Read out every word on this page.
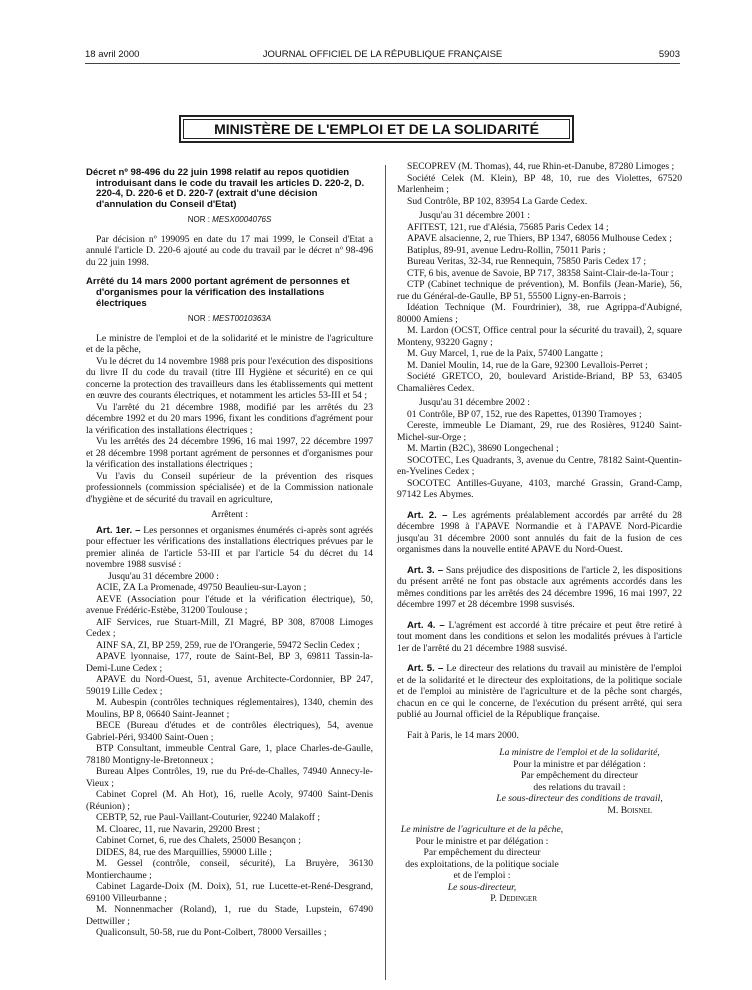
18 avril 2000	JOURNAL OFFICIEL DE LA RÉPUBLIQUE FRANÇAISE	5903
MINISTÈRE DE L'EMPLOI ET DE LA SOLIDARITÉ

Décret nº 98-496 du 22 juin 1998 relatif au repos quotidien introduisant dans le code du travail les articles D. 220-2, D. 220-4, D. 220-6 et D. 220-7 (extrait d'une décision d'annulation du Conseil d'Etat)

NOR : MESX0004076S

Par décision nº 199095 en date du 17 mai 1999, le Conseil d'Etat a annulé l'article D. 220-6 ajouté au code du travail par le décret nº 98-496 du 22 juin 1998.

Arrêté du 14 mars 2000 portant agrément de personnes et d'organismes pour la vérification des installations électriques

NOR : MEST0010363A

Le ministre de l'emploi et de la solidarité et le ministre de l'agriculture et de la pêche,

Vu le décret du 14 novembre 1988 pris pour l'exécution des dispositions du livre II du code du travail (titre III Hygiène et sécurité) en ce qui concerne la protection des travailleurs dans les établissements qui mettent en œuvre des courants électriques, et notamment les articles 53-III et 54 ;

Vu l'arrêté du 21 décembre 1988, modifié par les arrêtés du 23 décembre 1992 et du 20 mars 1996, fixant les conditions d'agrément pour la vérification des installations électriques ;

Vu les arrêtés des 24 décembre 1996, 16 mai 1997, 22 décembre 1997 et 28 décembre 1998 portant agrément de personnes et d'organismes pour la vérification des installations électriques ;

Vu l'avis du Conseil supérieur de la prévention des risques professionnels (commission spécialisée) et de la Commission nationale d'hygiène et de sécurité du travail en agriculture,

Arrêtent :

Art. 1er. – Les personnes et organismes énumérés ci-après sont agréés pour effectuer les vérifications des installations électriques prévues par le premier alinéa de l'article 53-III et par l'article 54 du décret du 14 novembre 1988 susvisé :

Jusqu'au 31 décembre 2000 :

ACIE, ZA La Promenade, 49750 Beaulieu-sur-Layon ;

AEVE (Association pour l'étude et la vérification électrique), 50, avenue Frédéric-Estèbe, 31200 Toulouse ;

AIF Services, rue Stuart-Mill, ZI Magré, BP 308, 87008 Limoges Cedex ;

AINF SA, ZI, BP 259, 259, rue de l'Orangerie, 59472 Seclin Cedex ;

APAVE lyonnaise, 177, route de Saint-Bel, BP 3, 69811 Tassin-la-Demi-Lune Cedex ;

APAVE du Nord-Ouest, 51, avenue Architecte-Cordonnier, BP 247, 59019 Lille Cedex ;

M. Aubespin (contrôles techniques réglementaires), 1340, chemin des Moulins, BP 8, 06640 Saint-Jeannet ;

BECE (Bureau d'études et de contrôles électriques), 54, avenue Gabriel-Péri, 93400 Saint-Ouen ;

BTP Consultant, immeuble Central Gare, 1, place Charles-de-Gaulle, 78180 Montigny-le-Bretonneux ;

Bureau Alpes Contrôles, 19, rue du Pré-de-Challes, 74940 Annecy-le-Vieux ;

Cabinet Coprel (M. Ah Hot), 16, ruelle Acoly, 97400 Saint-Denis (Réunion) ;

CEBTP, 52, rue Paul-Vaillant-Couturier, 92240 Malakoff ;

M. Cloarec, 11, rue Navarin, 29200 Brest ;

Cabinet Cornet, 6, rue des Chalets, 25000 Besançon ;

DIDES, 84, rue des Marquillies, 59000 Lille ;

M. Gessel (contrôle, conseil, sécurité), La Bruyère, 36130 Montierchaume ;

Cabinet Lagarde-Doix (M. Doix), 51, rue Lucette-et-René-Desgrand, 69100 Villeurbanne ;

M. Nonnenmacher (Roland), 1, rue du Stade, Lupstein, 67490 Dettwiller ;

Qualiconsult, 50-58, rue du Pont-Colbert, 78000 Versailles ;

SECOPREV (M. Thomas), 44, rue Rhin-et-Danube, 87280 Limoges ;

Société Celek (M. Klein), BP 48, 10, rue des Violettes, 67520 Marlenheim ;

Sud Contrôle, BP 102, 83954 La Garde Cedex.

Jusqu'au 31 décembre 2001 :

AFITEST, 121, rue d'Alésia, 75685 Paris Cedex 14 ;

APAVE alsacienne, 2, rue Thiers, BP 1347, 68056 Mulhouse Cedex ;

Batiplus, 89-91, avenue Ledru-Rollin, 75011 Paris ;

Bureau Veritas, 32-34, rue Rennequin, 75850 Paris Cedex 17 ;

CTF, 6 bis, avenue de Savoie, BP 717, 38358 Saint-Clair-de-la-Tour ;

CTP (Cabinet technique de prévention), M. Bonfils (Jean-Marie), 56, rue du Général-de-Gaulle, BP 51, 55500 Ligny-en-Barrois ;

Idéation Technique (M. Fourdrinier), 38, rue Agrippa-d'Aubigné, 80000 Amiens ;

M. Lardon (OCST, Office central pour la sécurité du travail), 2, square Monteny, 93220 Gagny ;

M. Guy Marcel, 1, rue de la Paix, 57400 Langatte ;

M. Daniel Moulin, 14, rue de la Gare, 92300 Levallois-Perret ;

Société GRETCO, 20, boulevard Aristide-Briand, BP 53, 63405 Chamalières Cedex.

Jusqu'au 31 décembre 2002 :

01 Contrôle, BP 07, 152, rue des Rapettes, 01390 Tramoyes ;

Cereste, immeuble Le Diamant, 29, rue des Rosières, 91240 Saint-Michel-sur-Orge ;

M. Martin (B2C), 38690 Longechenal ;

SOCOTEC, Les Quadrants, 3, avenue du Centre, 78182 Saint-Quentin-en-Yvelines Cedex ;

SOCOTEC Antilles-Guyane, 4103, marché Grassin, Grand-Camp, 97142 Les Abymes.

Art. 2. – Les agréments préalablement accordés par arrêté du 28 décembre 1998 à l'APAVE Normandie et à l'APAVE Nord-Picardie jusqu'au 31 décembre 2000 sont annulés du fait de la fusion de ces organismes dans la nouvelle entité APAVE du Nord-Ouest.

Art. 3. – Sans préjudice des dispositions de l'article 2, les dispositions du présent arrêté ne font pas obstacle aux agréments accordés dans les mêmes conditions par les arrêtés des 24 décembre 1996, 16 mai 1997, 22 décembre 1997 et 28 décembre 1998 susvisés.

Art. 4. – L'agrément est accordé à titre précaire et peut être retiré à tout moment dans les conditions et selon les modalités prévues à l'article 1er de l'arrêté du 21 décembre 1988 susvisé.

Art. 5. – Le directeur des relations du travail au ministère de l'emploi et de la solidarité et le directeur des exploitations, de la politique sociale et de l'emploi au ministère de l'agriculture et de la pêche sont chargés, chacun en ce qui le concerne, de l'exécution du présent arrêté, qui sera publié au Journal officiel de la République française.

Fait à Paris, le 14 mars 2000.

La ministre de l'emploi et de la solidarité,

Pour la ministre et par délégation :

Par empêchement du directeur

des relations du travail :

Le sous-directeur des conditions de travail,

M. Boisnel

Le ministre de l'agriculture et de la pêche,

Pour le ministre et par délégation :

Par empêchement du directeur

des exploitations, de la politique sociale

et de l'emploi :

Le sous-directeur,

P. Dedinger
